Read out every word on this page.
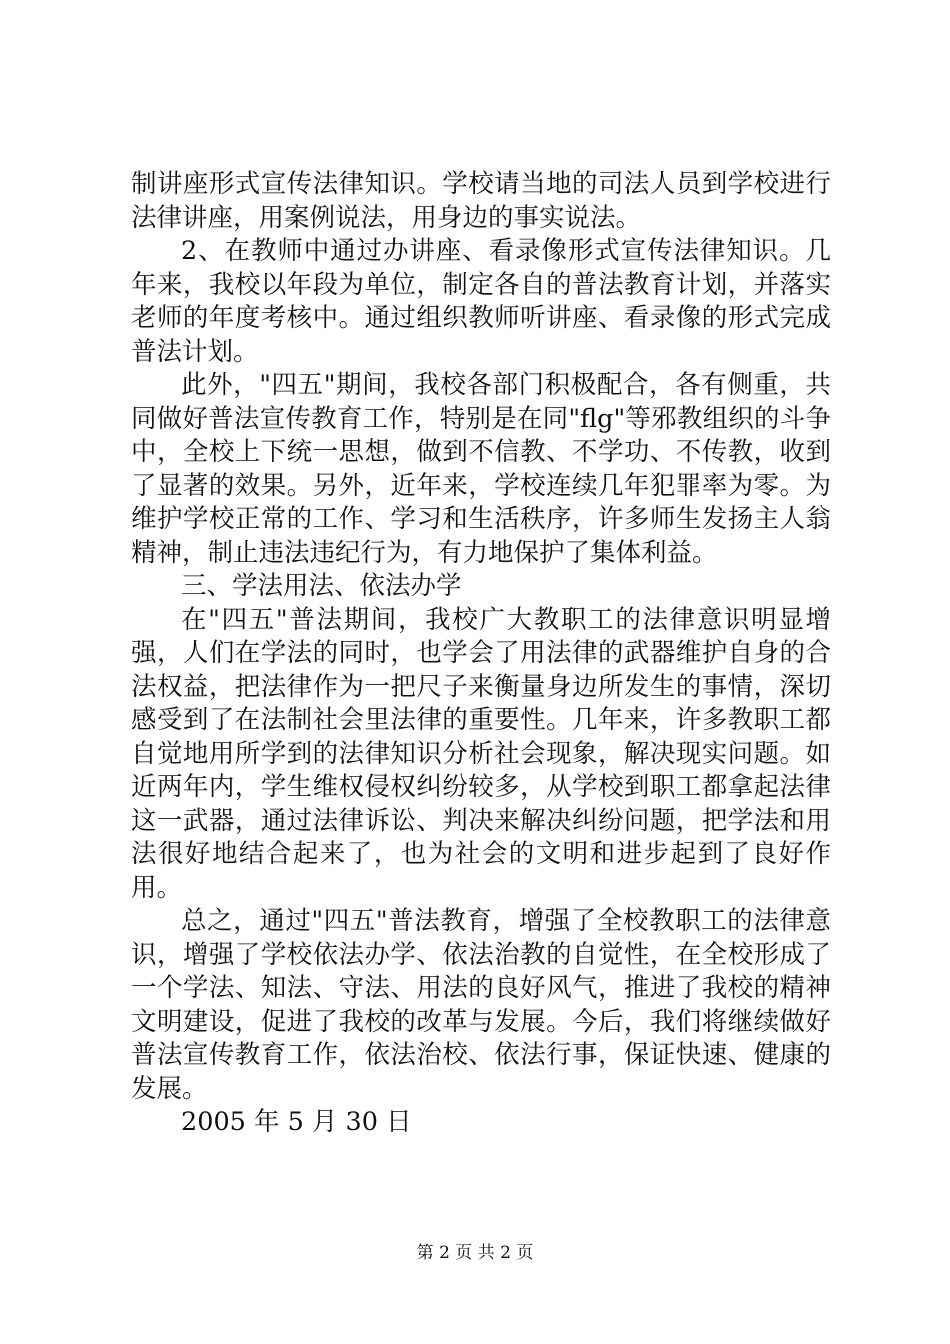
制讲座形式宣传法律知识。学校请当地的司法人员到学校进行法律讲座，用案例说法，用身边的事实说法。

2、在教师中通过办讲座、看录像形式宣传法律知识。几年来，我校以年段为单位，制定各自的普法教育计划，并落实老师的年度考核中。通过组织教师听讲座、看录像的形式完成普法计划。

此外，"四五"期间，我校各部门积极配合，各有侧重，共同做好普法宣传教育工作，特别是在同"flg"等邪教组织的斗争中，全校上下统一思想，做到不信教、不学功、不传教，收到了显著的效果。另外，近年来，学校连续几年犯罪率为零。为维护学校正常的工作、学习和生活秩序，许多师生发扬主人翁精神，制止违法违纪行为，有力地保护了集体利益。

三、学法用法、依法办学

在"四五"普法期间，我校广大教职工的法律意识明显增强，人们在学法的同时，也学会了用法律的武器维护自身的合法权益，把法律作为一把尺子来衡量身边所发生的事情，深切感受到了在法制社会里法律的重要性。几年来，许多教职工都自觉地用所学到的法律知识分析社会现象，解决现实问题。如近两年内，学生维权侵权纠纷较多，从学校到职工都拿起法律这一武器，通过法律诉讼、判决来解决纠纷问题，把学法和用法很好地结合起来了，也为社会的文明和进步起到了良好作用。

总之，通过"四五"普法教育，增强了全校教职工的法律意识，增强了学校依法办学、依法治教的自觉性，在全校形成了一个学法、知法、守法、用法的良好风气，推进了我校的精神文明建设，促进了我校的改革与发展。今后，我们将继续做好普法宣传教育工作，依法治校、依法行事，保证快速、健康的发展。

2005 年 5 月 30 日

第 2 页 共 2 页
